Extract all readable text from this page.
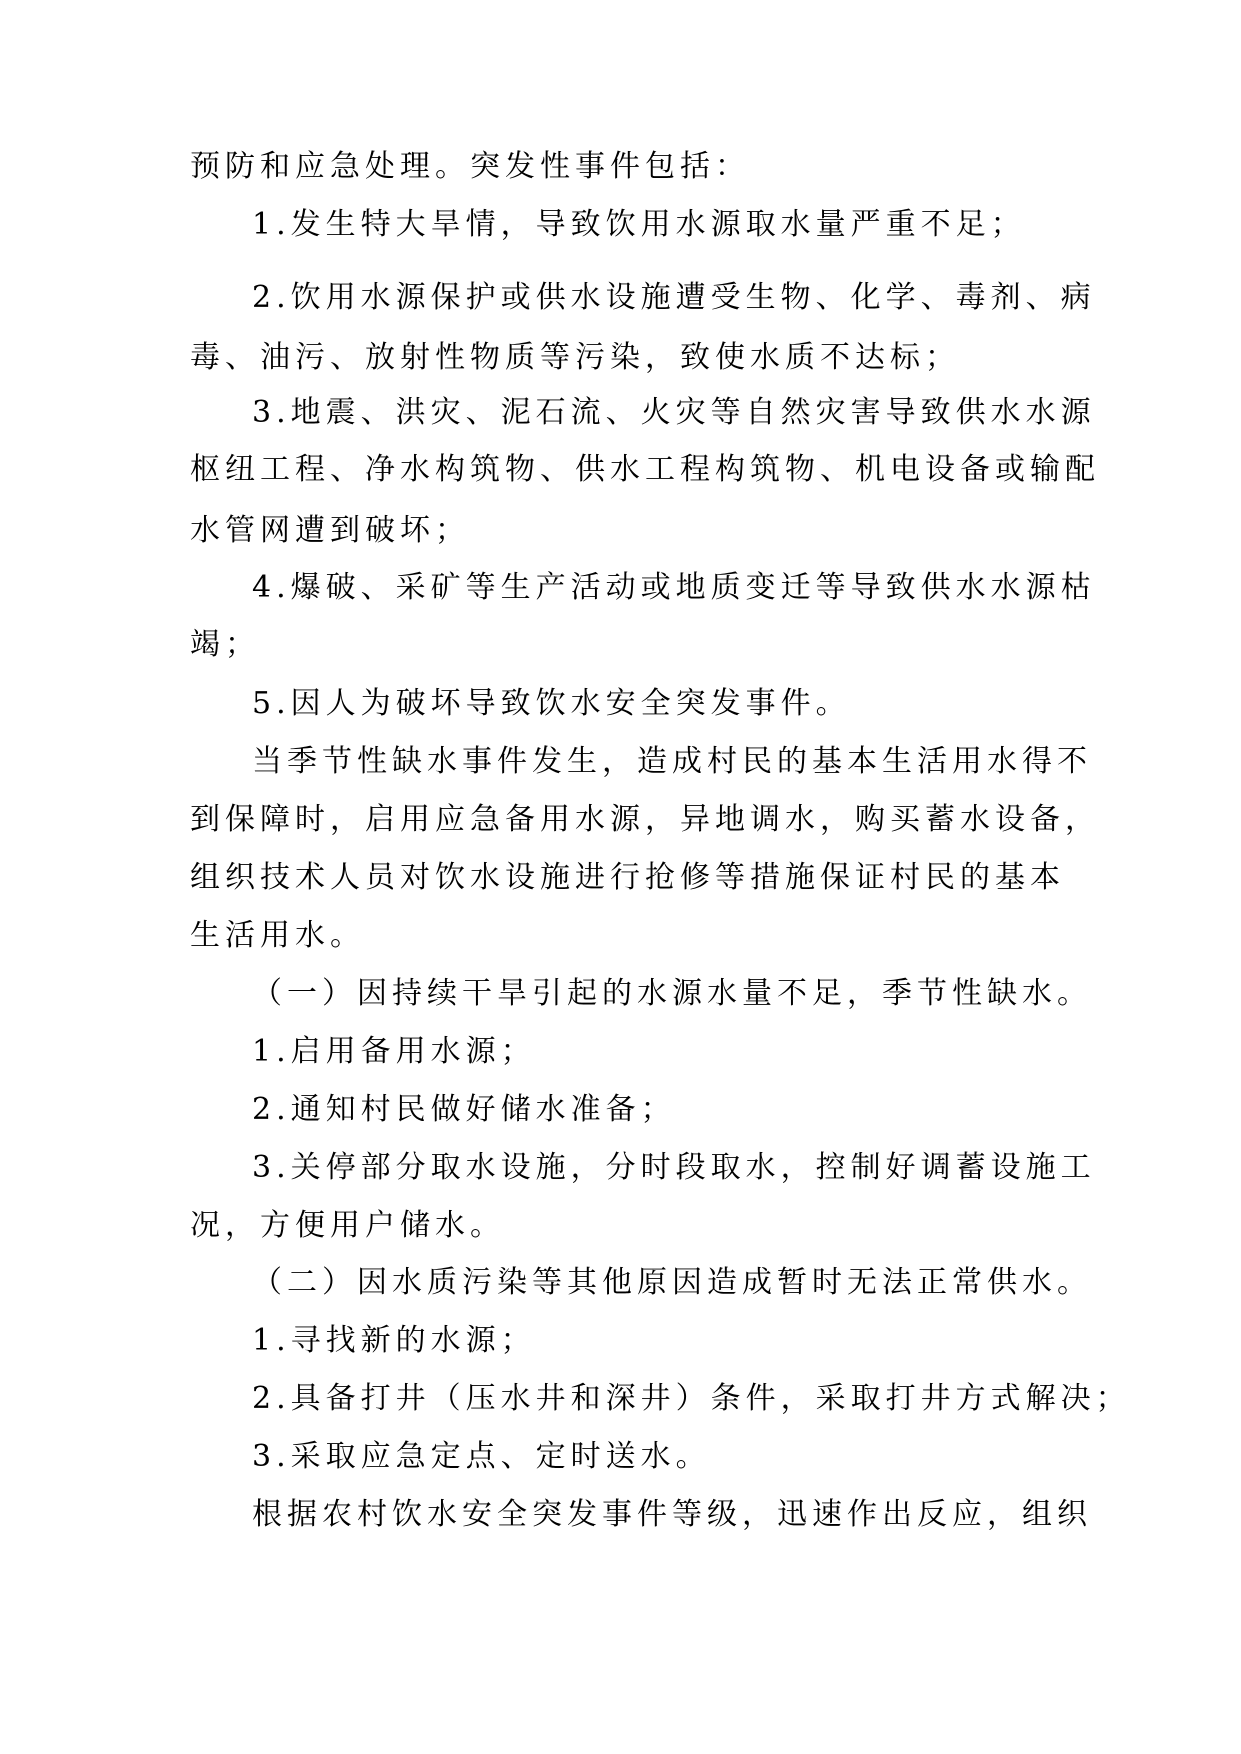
预防和应急处理。突发性事件包括：
1.发生特大旱情，导致饮用水源取水量严重不足；
2.饮用水源保护或供水设施遭受生物、化学、毒剂、病
毒、油污、放射性物质等污染，致使水质不达标；
3.地震、洪灾、泥石流、火灾等自然灾害导致供水水源
枢纽工程、净水构筑物、供水工程构筑物、机电设备或输配
水管网遭到破坏；
4.爆破、采矿等生产活动或地质变迁等导致供水水源枯
竭；
5.因人为破坏导致饮水安全突发事件。
当季节性缺水事件发生，造成村民的基本生活用水得不
到保障时，启用应急备用水源，异地调水，购买蓄水设备，
组织技术人员对饮水设施进行抢修等措施保证村民的基本
生活用水。
（一）因持续干旱引起的水源水量不足，季节性缺水。
1.启用备用水源；
2.通知村民做好储水准备；
3.关停部分取水设施，分时段取水，控制好调蓄设施工
况，方便用户储水。
（二）因水质污染等其他原因造成暂时无法正常供水。
1.寻找新的水源；
2.具备打井（压水井和深井）条件，采取打井方式解决；
3.采取应急定点、定时送水。
根据农村饮水安全突发事件等级，迅速作出反应，组织
